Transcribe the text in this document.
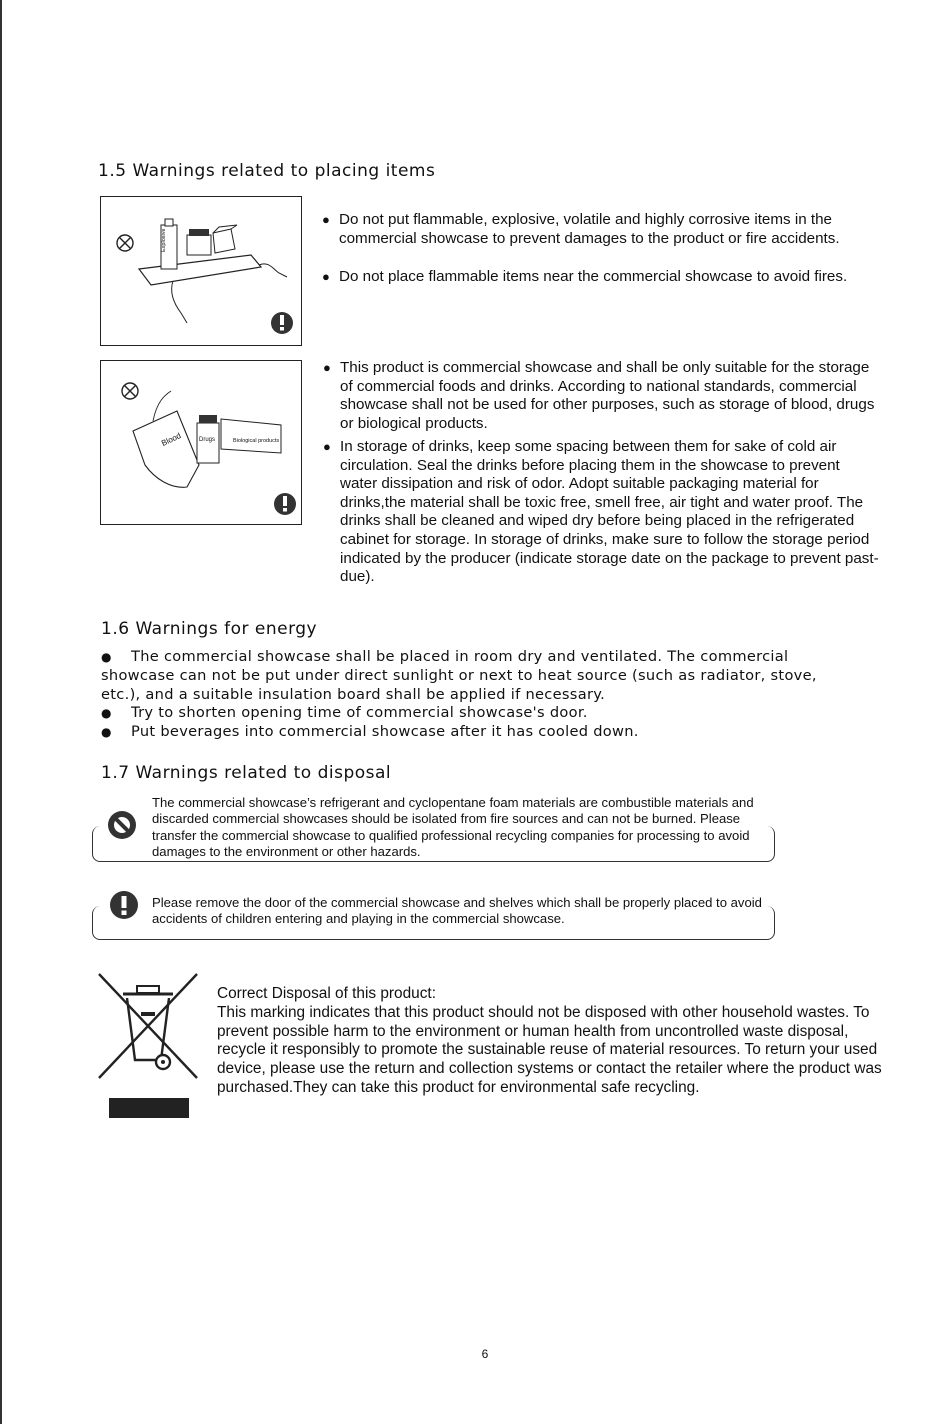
1.5 Warnings related to placing items
Explosive
● Do not put flammable, explosive, volatile and highly corrosive items in the commercial showcase to prevent damages to the product or fire accidents.
● Do not place flammable items near the commercial showcase to avoid fires.
Blood	Drugs	Biological products
● This product is commercial showcase and shall be only suitable for the storage of commercial foods and drinks. According to national standards, commercial showcase shall not be used for other purposes, such as storage of blood, drugs or biological products.
● In storage of drinks, keep some spacing between them for sake of cold air circulation. Seal the drinks before placing them in the showcase to prevent water dissipation and risk of odor. Adopt suitable packaging material for drinks,the material shall be toxic free, smell free, air tight and water proof. The drinks shall be cleaned and wiped dry before being placed in the refrigerated cabinet for storage. In storage of drinks, make sure to follow the storage period indicated by the producer (indicate storage date on the package to prevent past-due).
1.6 Warnings for energy
● The commercial showcase shall be placed in room dry and ventilated. The commercial showcase can not be put under direct sunlight or next to heat source (such as radiator, stove, etc.), and a suitable insulation board shall be applied if necessary.
● Try to shorten opening time of commercial showcase's door.
● Put beverages into commercial showcase after it has cooled down.
1.7 Warnings related to disposal
The commercial showcase’s refrigerant and cyclopentane foam materials are combustible materials and discarded commercial showcases should be isolated from fire sources and can not be burned. Please transfer the commercial showcase to qualified professional recycling companies for processing to avoid damages to the environment or other hazards.
Please remove the door of the commercial showcase and shelves which shall be properly placed to avoid accidents of children entering and playing in the commercial showcase.
Correct Disposal of this product:
This marking indicates that this product should not be disposed with other household wastes. To prevent possible harm to the environment or human health from uncontrolled waste disposal, recycle it responsibly to promote the sustainable reuse of material resources. To return your used device, please use the return and collection systems or contact the retailer where the product was purchased.They can take this product for environmental safe recycling.
6
